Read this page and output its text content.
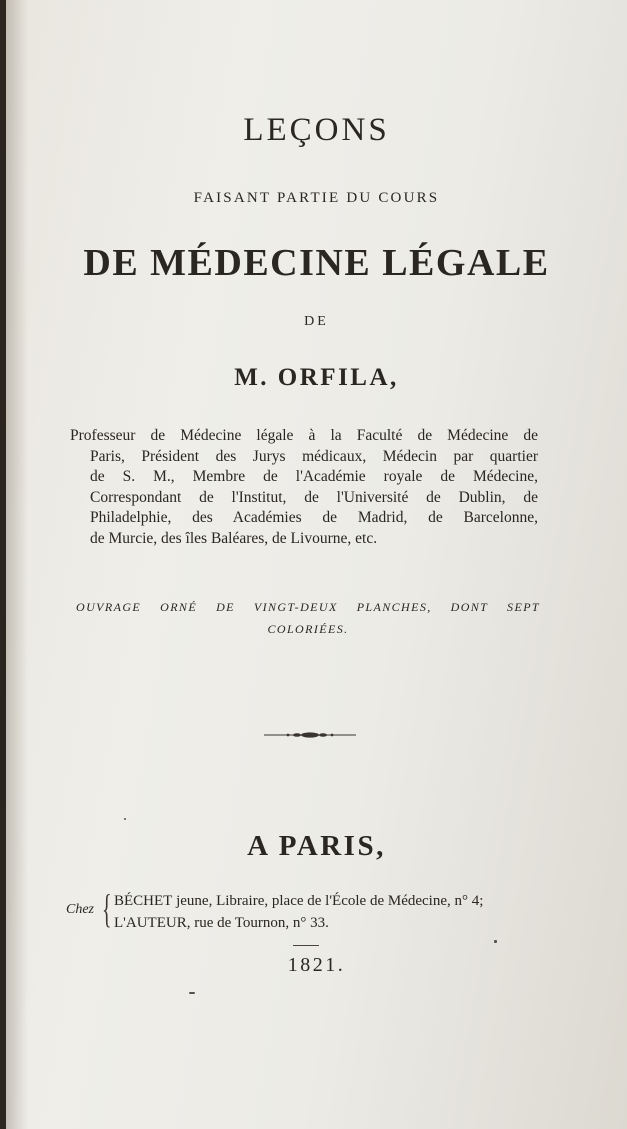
LEÇONS
FAISANT PARTIE DU COURS
DE MÉDECINE LÉGALE
DE
M. ORFILA,
Professeur de Médecine légale à la Faculté de Médecine de
Paris, Président des Jurys médicaux, Médecin par quartier
de S. M., Membre de l'Académie royale de Médecine,
Correspondant de l'Institut, de l'Université de Dublin, de
Philadelphie, des Académies de Madrid, de Barcelonne,
de Murcie, des îles Baléares, de Livourne, etc.
OUVRAGE ORNÉ DE VINGT-DEUX PLANCHES, DONT SEPT
COLORIÉES.
A PARIS,
Chez { BÉCHET jeune, Libraire, place de l'École de Médecine, n° 4;
L'AUTEUR, rue de Tournon, n° 33.
1821.
